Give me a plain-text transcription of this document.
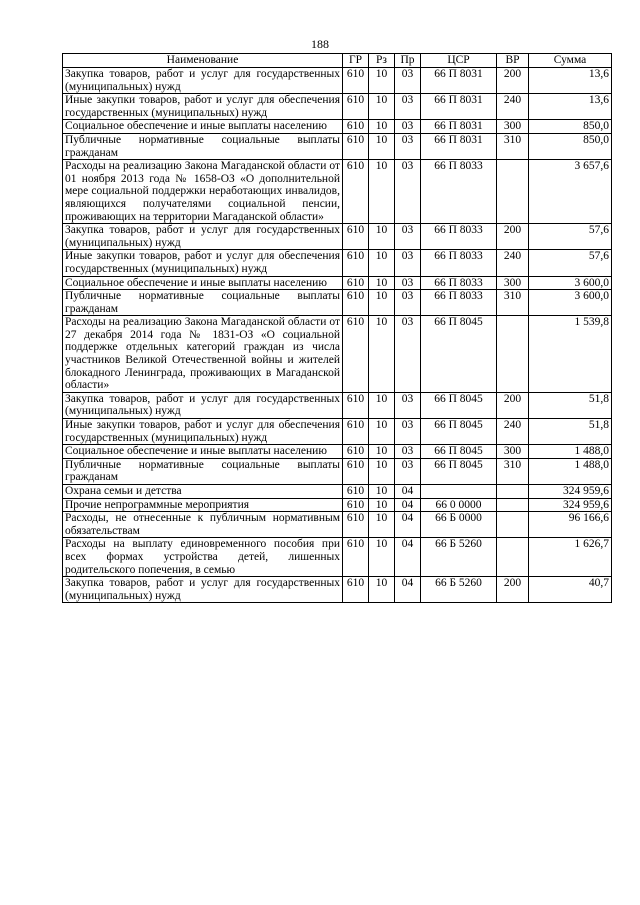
188
Наименование	ГР	Рз	Пр	ЦСР	ВР	Сумма
Закупка товаров, работ и услуг для государственных (муниципальных) нужд	610	10	03	66 П 8031	200	13,6
Иные закупки товаров, работ и услуг для обеспечения государственных (муниципальных) нужд	610	10	03	66 П 8031	240	13,6
Социальное обеспечение и иные выплаты населению	610	10	03	66 П 8031	300	850,0
Публичные нормативные социальные выплаты гражданам	610	10	03	66 П 8031	310	850,0
Расходы на реализацию Закона Магаданской области от 01 ноября 2013 года № 1658-ОЗ «О дополнительной мере социальной поддержки неработающих инвалидов, являющихся получателями социальной пенсии, проживающих на территории Магаданской области»	610	10	03	66 П 8033		3 657,6
Закупка товаров, работ и услуг для государственных (муниципальных) нужд	610	10	03	66 П 8033	200	57,6
Иные закупки товаров, работ и услуг для обеспечения государственных (муниципальных) нужд	610	10	03	66 П 8033	240	57,6
Социальное обеспечение и иные выплаты населению	610	10	03	66 П 8033	300	3 600,0
Публичные нормативные социальные выплаты гражданам	610	10	03	66 П 8033	310	3 600,0
Расходы на реализацию Закона Магаданской области от 27 декабря 2014 года № 1831-ОЗ «О социальной поддержке отдельных категорий граждан из числа участников Великой Отечественной войны и жителей блокадного Ленинграда, проживающих в Магаданской области»	610	10	03	66 П 8045		1 539,8
Закупка товаров, работ и услуг для государственных (муниципальных) нужд	610	10	03	66 П 8045	200	51,8
Иные закупки товаров, работ и услуг для обеспечения государственных (муниципальных) нужд	610	10	03	66 П 8045	240	51,8
Социальное обеспечение и иные выплаты населению	610	10	03	66 П 8045	300	1 488,0
Публичные нормативные социальные выплаты гражданам	610	10	03	66 П 8045	310	1 488,0
Охрана семьи и детства	610	10	04			324 959,6
Прочие непрограммные мероприятия	610	10	04	66 0 0000		324 959,6
Расходы, не отнесенные к публичным нормативным обязательствам	610	10	04	66 Б 0000		96 166,6
Расходы на выплату единовременного пособия при всех формах устройства детей, лишенных родительского попечения, в семью	610	10	04	66 Б 5260		1 626,7
Закупка товаров, работ и услуг для государственных (муниципальных) нужд	610	10	04	66 Б 5260	200	40,7
